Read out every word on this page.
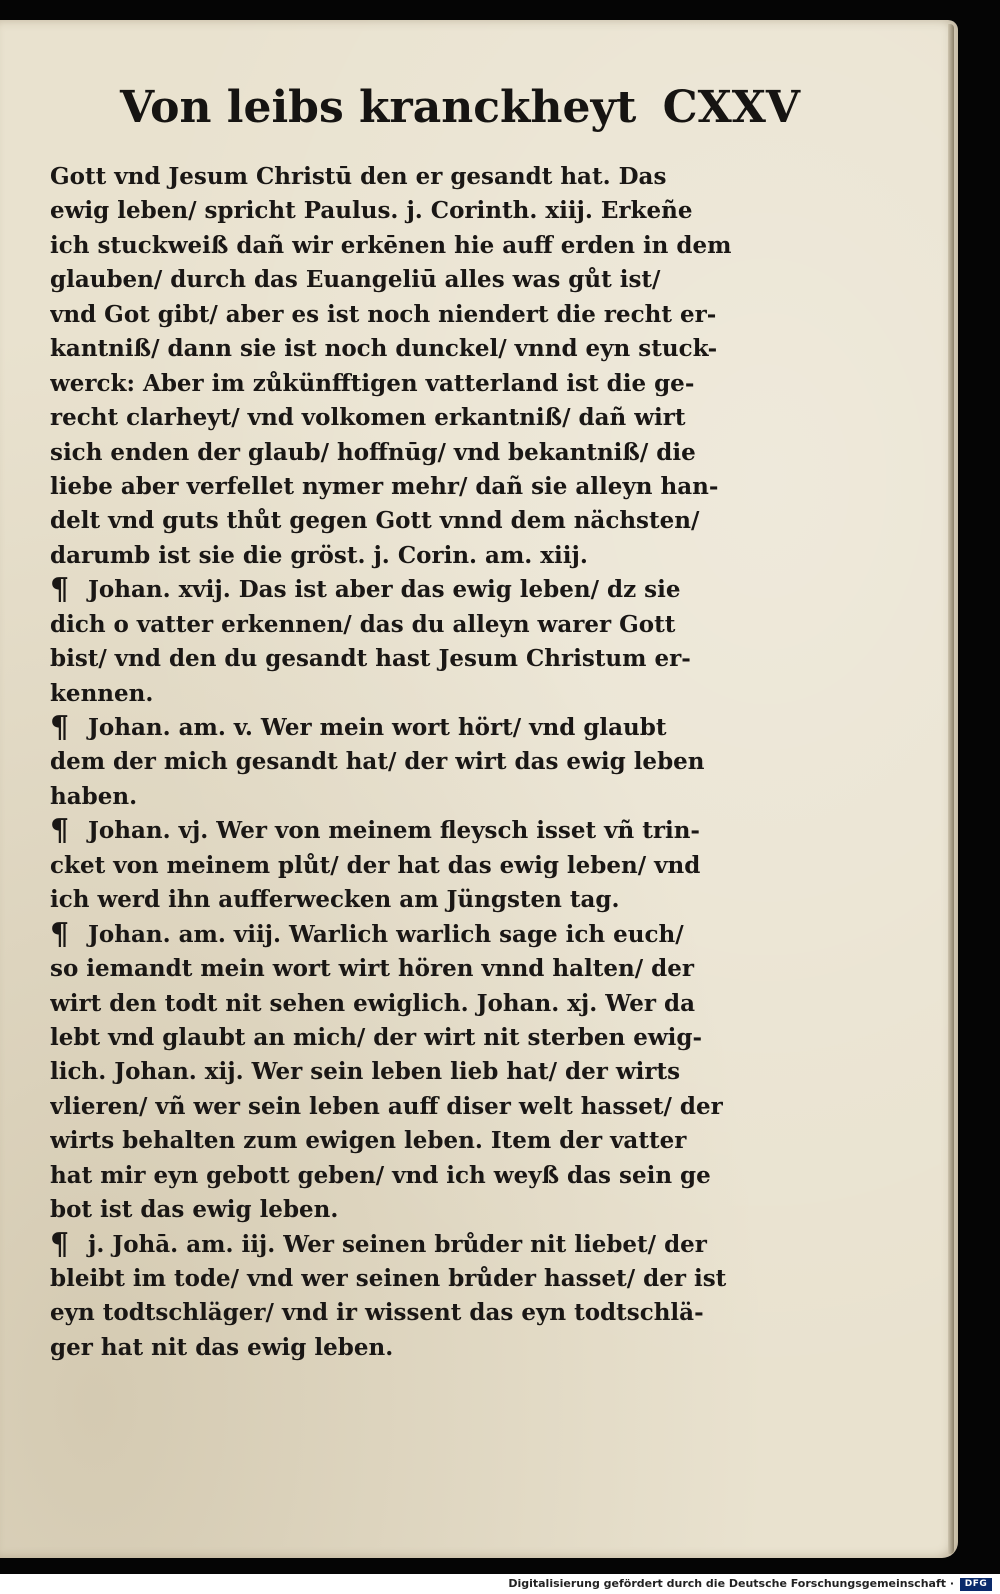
Von leibs kranckheyt CXXV
Gott vnd Jesum Christū den er gesandt hat. Das
ewig leben/ spricht Paulus. j. Corinth. xiij. Erkeñe
ich stuckweiß dañ wir erkēnen hie auff erden in dem
glauben/ durch das Euangeliū alles was gůt ist/
vnd Got gibt/ aber es ist noch niendert die recht er-
kantniß/ dann sie ist noch dunckel/ vnnd eyn stuck-
werck: Aber im zůkünfftigen vatterland ist die ge-
recht clarheyt/ vnd volkomen erkantniß/ dañ wirt
sich enden der glaub/ hoffnūg/ vnd bekantniß/ die
liebe aber verfellet nymer mehr/ dañ sie alleyn han-
delt vnd guts thůt gegen Gott vnnd dem nächsten/
darumb ist sie die gröst. j. Corin. am. xiij.
¶ Johan. xvij. Das ist aber das ewig leben/ dz sie
dich o vatter erkennen/ das du alleyn warer Gott
bist/ vnd den du gesandt hast Jesum Christum er-
kennen.
¶ Johan. am. v. Wer mein wort hört/ vnd glaubt
dem der mich gesandt hat/ der wirt das ewig leben
haben.
¶ Johan. vj. Wer von meinem fleysch isset vñ trin-
cket von meinem plůt/ der hat das ewig leben/ vnd
ich werd ihn aufferwecken am Jüngsten tag.
¶ Johan. am. viij. Warlich warlich sage ich euch/
so iemandt mein wort wirt hören vnnd halten/ der
wirt den todt nit sehen ewiglich. Johan. xj. Wer da
lebt vnd glaubt an mich/ der wirt nit sterben ewig-
lich. Johan. xij. Wer sein leben lieb hat/ der wirts
vlieren/ vñ wer sein leben auff diser welt hasset/ der
wirts behalten zum ewigen leben. Item der vatter
hat mir eyn gebott geben/ vnd ich weyß das sein ge
bot ist das ewig leben.
¶ j. Johā. am. iij. Wer seinen brůder nit liebet/ der
bleibt im tode/ vnd wer seinen brůder hasset/ der ist
eyn todtschläger/ vnd ir wissent das eyn todtschlä-
ger hat nit das ewig leben.
Digitalisierung gefördert durch die Deutsche Forschungsgemeinschaft ·	DFG
